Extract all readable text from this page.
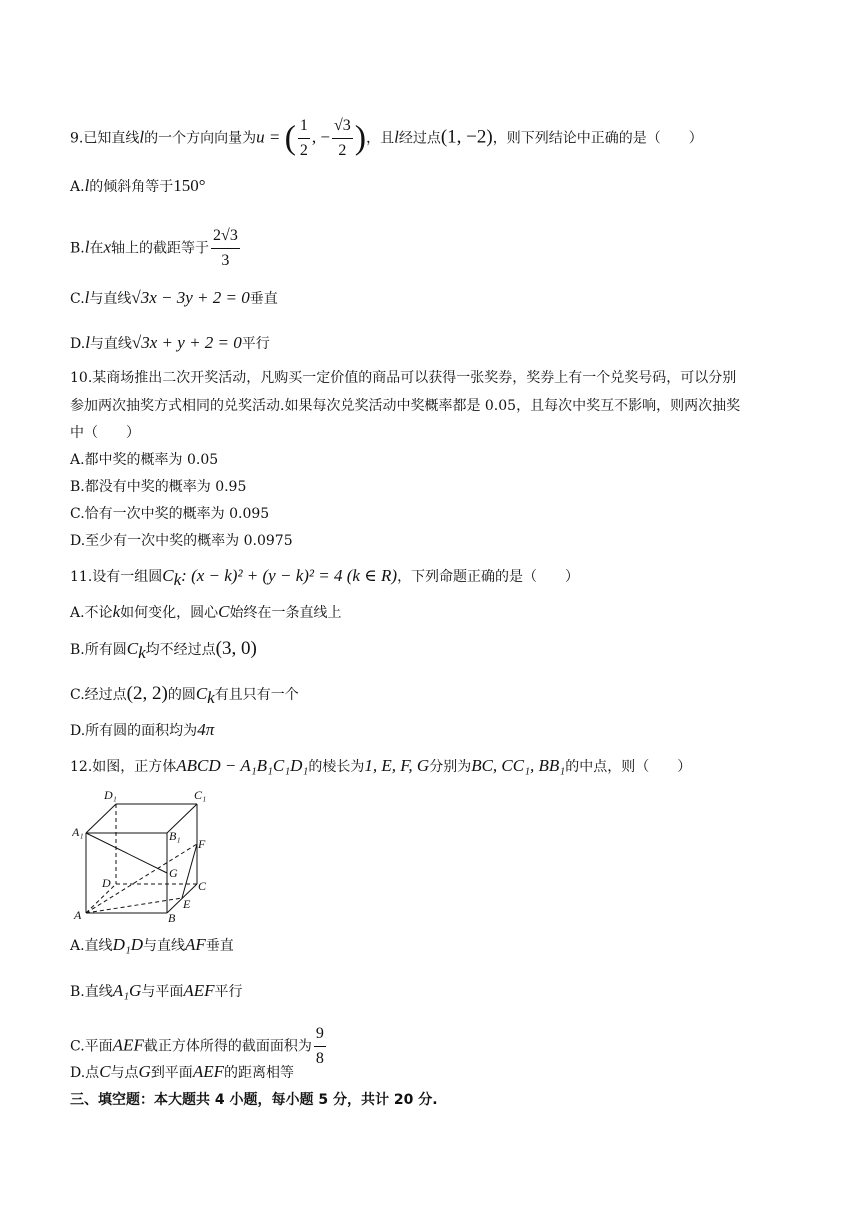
9.已知直线l的一个方向向量为u = ( $\frac{1}{2}$ , − $\frac{√3}{2}$ )，且l经过点(1, −2)，则下列结论中正确的是（　　）
A.l的倾斜角等于150°
B.l在x轴上的截距等于 $\frac{2√3}{3}$
C.l与直线√3x − 3y + 2 = 0垂直
D.l与直线√3x + y + 2 = 0平行
10.某商场推出二次开奖活动，凡购买一定价值的商品可以获得一张奖券，奖券上有一个兑奖号码，可以分别
参加两次抽奖方式相同的兑奖活动.如果每次兑奖活动中奖概率都是 0.05，且每次中奖互不影响，则两次抽奖
中（　　）
A.都中奖的概率为 0.05
B.都没有中奖的概率为 0.95
C.恰有一次中奖的概率为 0.095
D.至少有一次中奖的概率为 0.0975
11.设有一组圆$C_k$: (x − k)² + (y − k)² = 4 (k ∈ R)，下列命题正确的是（　　）
A.不论k如何变化，圆心C始终在一条直线上
B.所有圆$C_k$均不经过点(3, 0)
C.经过点(2, 2)的圆$C_k$有且只有一个
D.所有圆的面积均为4π
12.如图，正方体ABCD − A₁B₁C₁D₁的棱长为1, E, F, G分别为BC, CC₁, BB₁的中点，则（　　）
D₁	C₁
A₁	B₁
F
G
D	C
E
A	B
A.直线D₁D与直线AF垂直
B.直线A₁G与平面AEF平行
C.平面AEF截正方体所得的截面面积为 $\frac{9}{8}$
D.点C与点G到平面AEF的距离相等
三、填空题：本大题共 4 小题，每小题 5 分，共计 20 分.
